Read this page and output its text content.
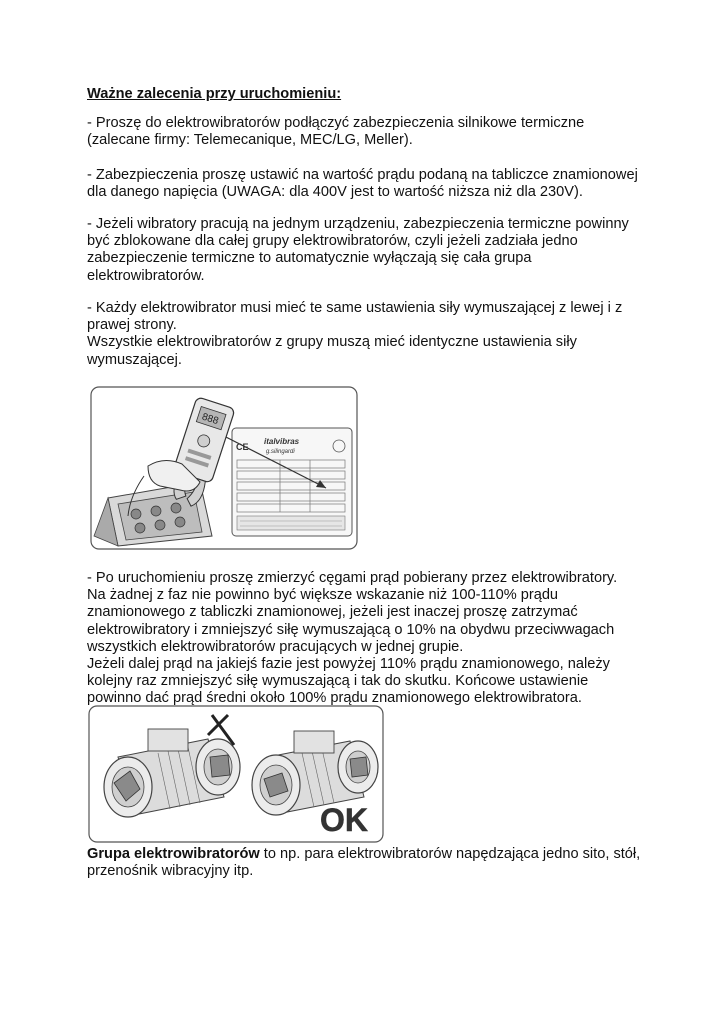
Ważne zalecenia przy uruchomieniu:

- Proszę do elektrowibratorów podłączyć zabezpieczenia silnikowe termiczne
(zalecane firmy: Telemecanique, MEC/LG, Meller).

- Zabezpieczenia proszę ustawić na wartość prądu podaną na tabliczce znamionowej
dla danego napięcia (UWAGA: dla 400V jest to wartość niższa niż dla 230V).

- Jeżeli wibratory pracują na jednym urządzeniu, zabezpieczenia termiczne powinny
być zblokowane dla całej grupy elektrowibratorów, czyli jeżeli zadziała jedno
zabezpieczenie termiczne to automatycznie wyłączają się cała grupa
elektrowibratorów.

- Każdy elektrowibrator musi mieć te same ustawienia siły wymuszającej z lewej i z
prawej strony.
Wszystkie elektrowibratorów z grupy muszą mieć identyczne ustawienia siły
wymuszającej.

italvibras
g.silingardi
CE
888

- Po uruchomieniu proszę zmierzyć cęgami prąd pobierany przez elektrowibratory.
Na żadnej z faz nie powinno być większe wskazanie niż 100-110% prądu
znamionowego z tabliczki znamionowej, jeżeli jest inaczej proszę zatrzymać
elektrowibratory i zmniejszyć siłę wymuszającą o 10% na obydwu przeciwwagach
wszystkich elektrowibratorów pracujących w jednej grupie.
Jeżeli dalej prąd na jakiejś fazie jest powyżej 110% prądu znamionowego, należy
kolejny raz zmniejszyć siłę wymuszającą i tak do skutku. Końcowe ustawienie
powinno dać prąd średni około 100% prądu znamionowego elektrowibratora.

OK

Grupa elektrowibratorów to np. para elektrowibratorów napędzająca jedno sito, stół,
przenośnik wibracyjny itp.
